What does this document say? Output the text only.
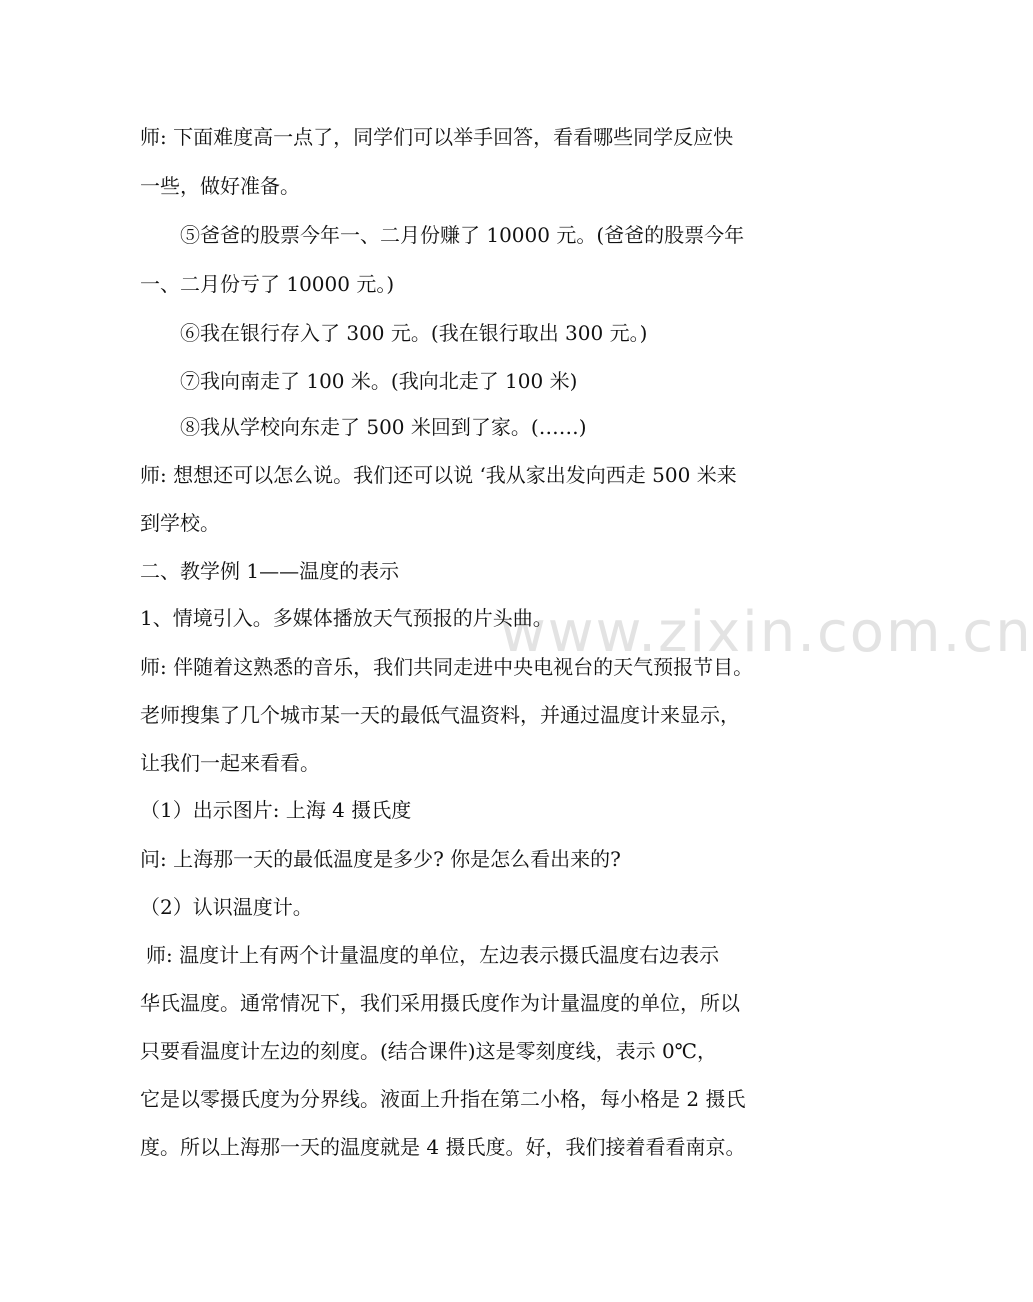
www.zixin.com.cn
师: 下面难度高一点了，同学们可以举手回答，看看哪些同学反应快
一些，做好准备。
⑤爸爸的股票今年一、二月份赚了 10000 元。(爸爸的股票今年
一、二月份亏了 10000 元。)
⑥我在银行存入了 300 元。(我在银行取出 300 元。)
⑦我向南走了 100 米。(我向北走了 100 米)
⑧我从学校向东走了 500 米回到了家。(……)
师: 想想还可以怎么说。我们还可以说 ‘我从家出发向西走 500 米来
到学校。
二、教学例 1——温度的表示
1、情境引入。多媒体播放天气预报的片头曲。
师: 伴随着这熟悉的音乐，我们共同走进中央电视台的天气预报节目。
老师搜集了几个城市某一天的最低气温资料，并通过温度计来显示，
让我们一起来看看。
（1）出示图片: 上海 4 摄氏度
问: 上海那一天的最低温度是多少? 你是怎么看出来的?
（2）认识温度计。
师: 温度计上有两个计量温度的单位，左边表示摄氏温度右边表示
华氏温度。通常情况下，我们采用摄氏度作为计量温度的单位，所以
只要看温度计左边的刻度。(结合课件)这是零刻度线，表示 0℃，
它是以零摄氏度为分界线。液面上升指在第二小格，每小格是 2 摄氏
度。所以上海那一天的温度就是 4 摄氏度。好，我们接着看看南京。
